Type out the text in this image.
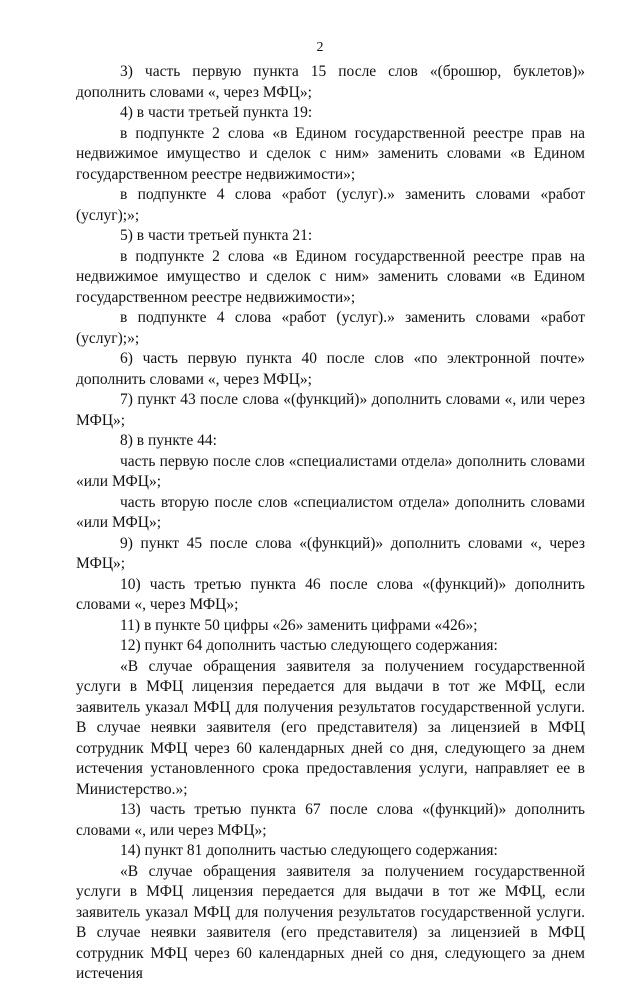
2

3) часть первую пункта 15 после слов «(брошюр, буклетов)» дополнить словами «, через МФЦ»;

4) в части третьей пункта 19:

в подпункте 2 слова «в Едином государственной реестре прав на недвижимое имущество и сделок с ним» заменить словами «в Едином государственном реестре недвижимости»;

в подпункте 4 слова «работ (услуг).» заменить словами «работ (услуг);»;

5) в части третьей пункта 21:

в подпункте 2 слова «в Едином государственной реестре прав на недвижимое имущество и сделок с ним» заменить словами «в Едином государственном реестре недвижимости»;

в подпункте 4 слова «работ (услуг).» заменить словами «работ (услуг);»;

6) часть первую пункта 40 после слов «по электронной почте» дополнить словами «, через МФЦ»;

7) пункт 43 после слова «(функций)» дополнить словами «, или через МФЦ»;

8) в пункте 44:

часть первую после слов «специалистами отдела» дополнить словами «или МФЦ»;

часть вторую после слов «специалистом отдела» дополнить словами «или МФЦ»;

9) пункт 45 после слова «(функций)» дополнить словами «, через МФЦ»;

10) часть третью пункта 46 после слова «(функций)» дополнить словами «, через МФЦ»;

11) в пункте 50 цифры «26» заменить цифрами «426»;

12) пункт 64 дополнить частью следующего содержания:

«В случае обращения заявителя за получением государственной услуги в МФЦ лицензия передается для выдачи в тот же МФЦ, если заявитель указал МФЦ для получения результатов государственной услуги. В случае неявки заявителя (его представителя) за лицензией в МФЦ сотрудник МФЦ через 60 календарных дней со дня, следующего за днем истечения установленного срока предоставления услуги, направляет ее в Министерство.»;

13) часть третью пункта 67 после слова «(функций)» дополнить словами «, или через МФЦ»;

14) пункт 81 дополнить частью следующего содержания:

«В случае обращения заявителя за получением государственной услуги в МФЦ лицензия передается для выдачи в тот же МФЦ, если заявитель указал МФЦ для получения результатов государственной услуги. В случае неявки заявителя (его представителя) за лицензией в МФЦ сотрудник МФЦ через 60 календарных дней со дня, следующего за днем истечения
